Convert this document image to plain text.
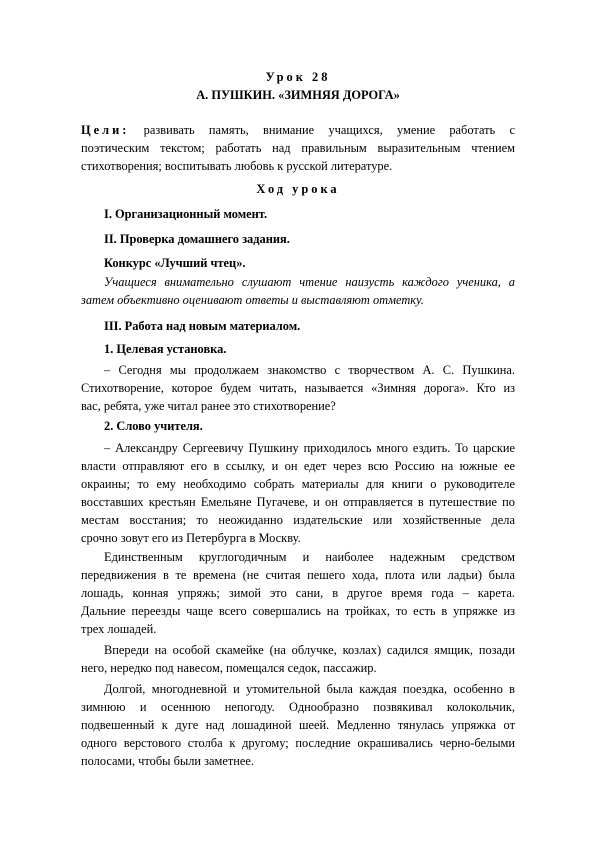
Урок 28
А. ПУШКИН. «ЗИМНЯЯ ДОРОГА»
Цели: развивать память, внимание учащихся, умение работать с
поэтическим текстом; работать над правильным выразительным чтением
стихотворения; воспитывать любовь к русской литературе.
Ход урока
I. Организационный момент.
II. Проверка домашнего задания.
Конкурс «Лучший чтец».
Учащиеся внимательно слушают чтение наизусть каждого ученика, а
затем объективно оценивают ответы и выставляют отметку.
III. Работа над новым материалом.
1. Целевая установка.
– Сегодня мы продолжаем знакомство с творчеством А. С. Пушкина.
Стихотворение, которое будем читать, называется «Зимняя дорога». Кто из
вас, ребята, уже читал ранее это стихотворение?
2. Слово учителя.
– Александру Сергеевичу Пушкину приходилось много ездить. То царские
власти отправляют его в ссылку, и он едет через всю Россию на южные ее
окраины; то ему необходимо собрать материалы для книги о руководителе
восставших крестьян Емельяне Пугачеве, и он отправляется в путешествие по
местам восстания; то неожиданно издательские или хозяйственные дела
срочно зовут его из Петербурга в Москву.
Единственным круглогодичным и наиболее надежным средством
передвижения в те времена (не считая пешего хода, плота или ладьи) была
лошадь, конная упряжь; зимой это сани, в другое время года – карета.
Дальние переезды чаще всего совершались на тройках, то есть в упряжке из
трех лошадей.
Впереди на особой скамейке (на облучке, козлах) садился ямщик, позади
него, нередко под навесом, помещался седок, пассажир.
Долгой, многодневной и утомительной была каждая поездка, особенно в
зимнюю и осеннюю непогоду. Однообразно позвякивал колокольчик,
подвешенный к дуге над лошадиной шеей. Медленно тянулась упряжка от
одного верстового столба к другому; последние окрашивались черно-белыми
полосами, чтобы были заметнее.
